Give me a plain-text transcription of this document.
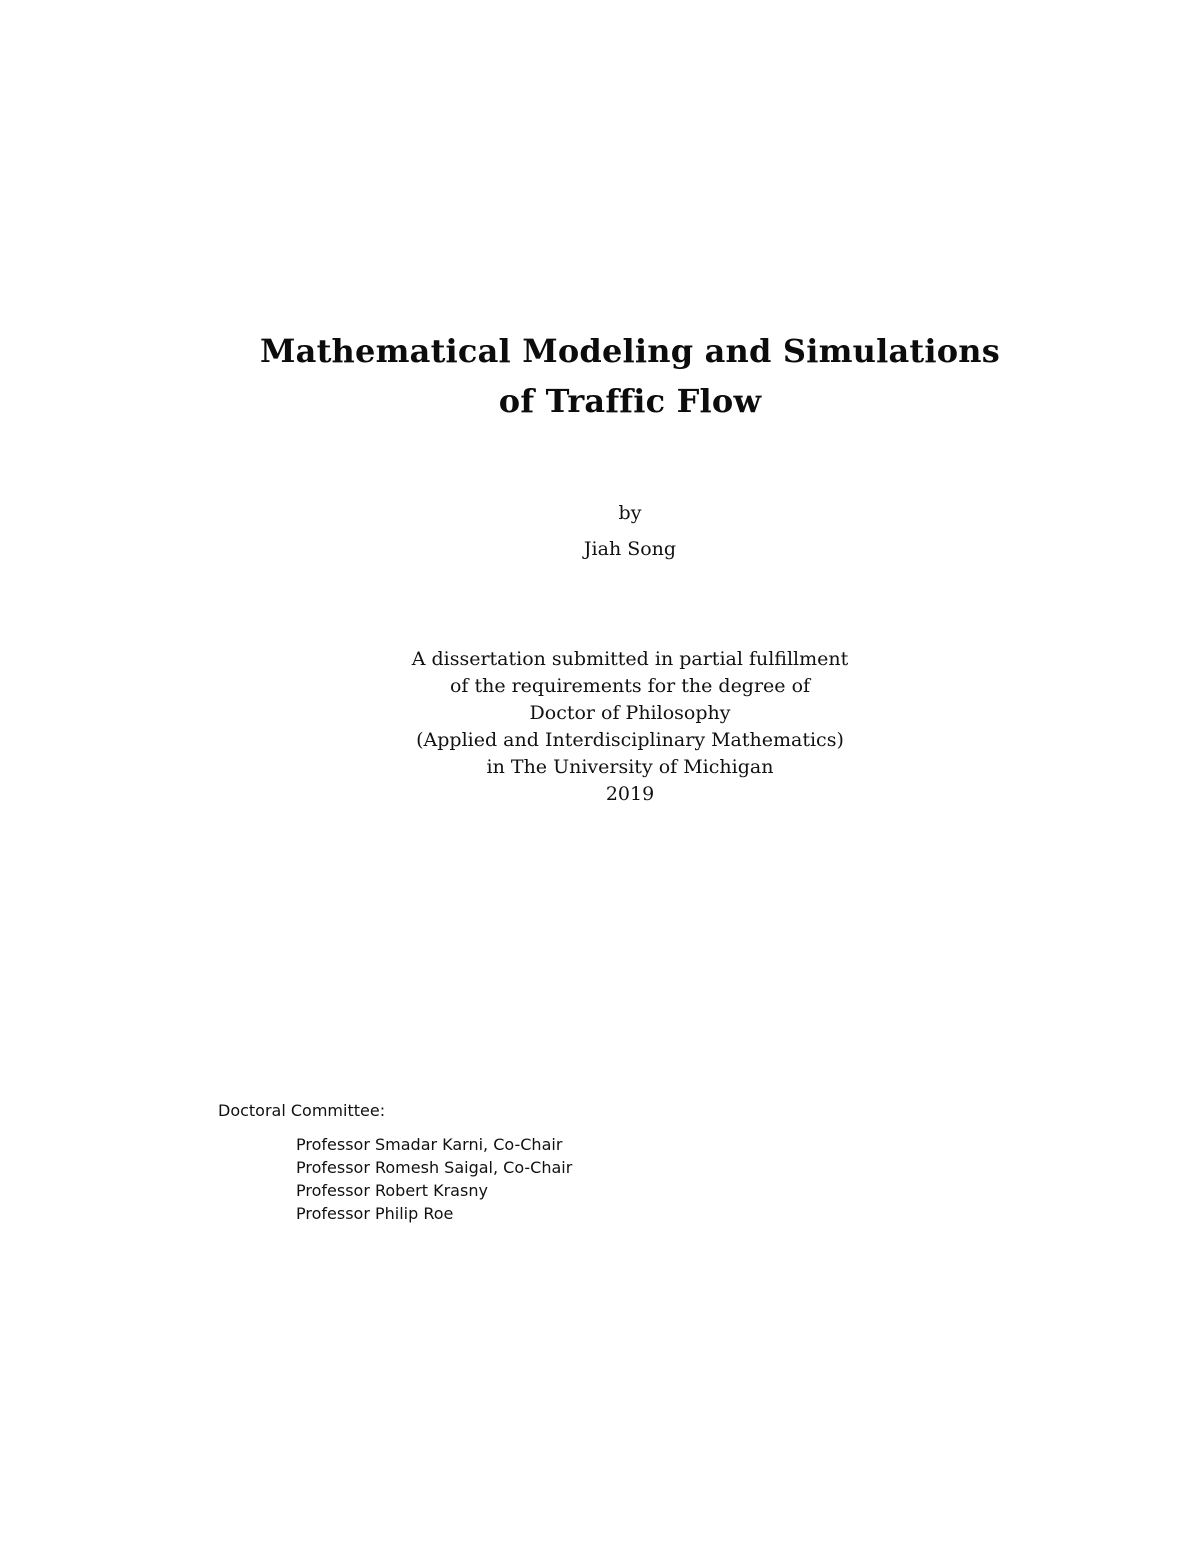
Mathematical Modeling and Simulations
of Traffic Flow
by
Jiah Song
A dissertation submitted in partial fulfillment
of the requirements for the degree of
Doctor of Philosophy
(Applied and Interdisciplinary Mathematics)
in The University of Michigan
2019
Doctoral Committee:
Professor Smadar Karni, Co-Chair
Professor Romesh Saigal, Co-Chair
Professor Robert Krasny
Professor Philip Roe
